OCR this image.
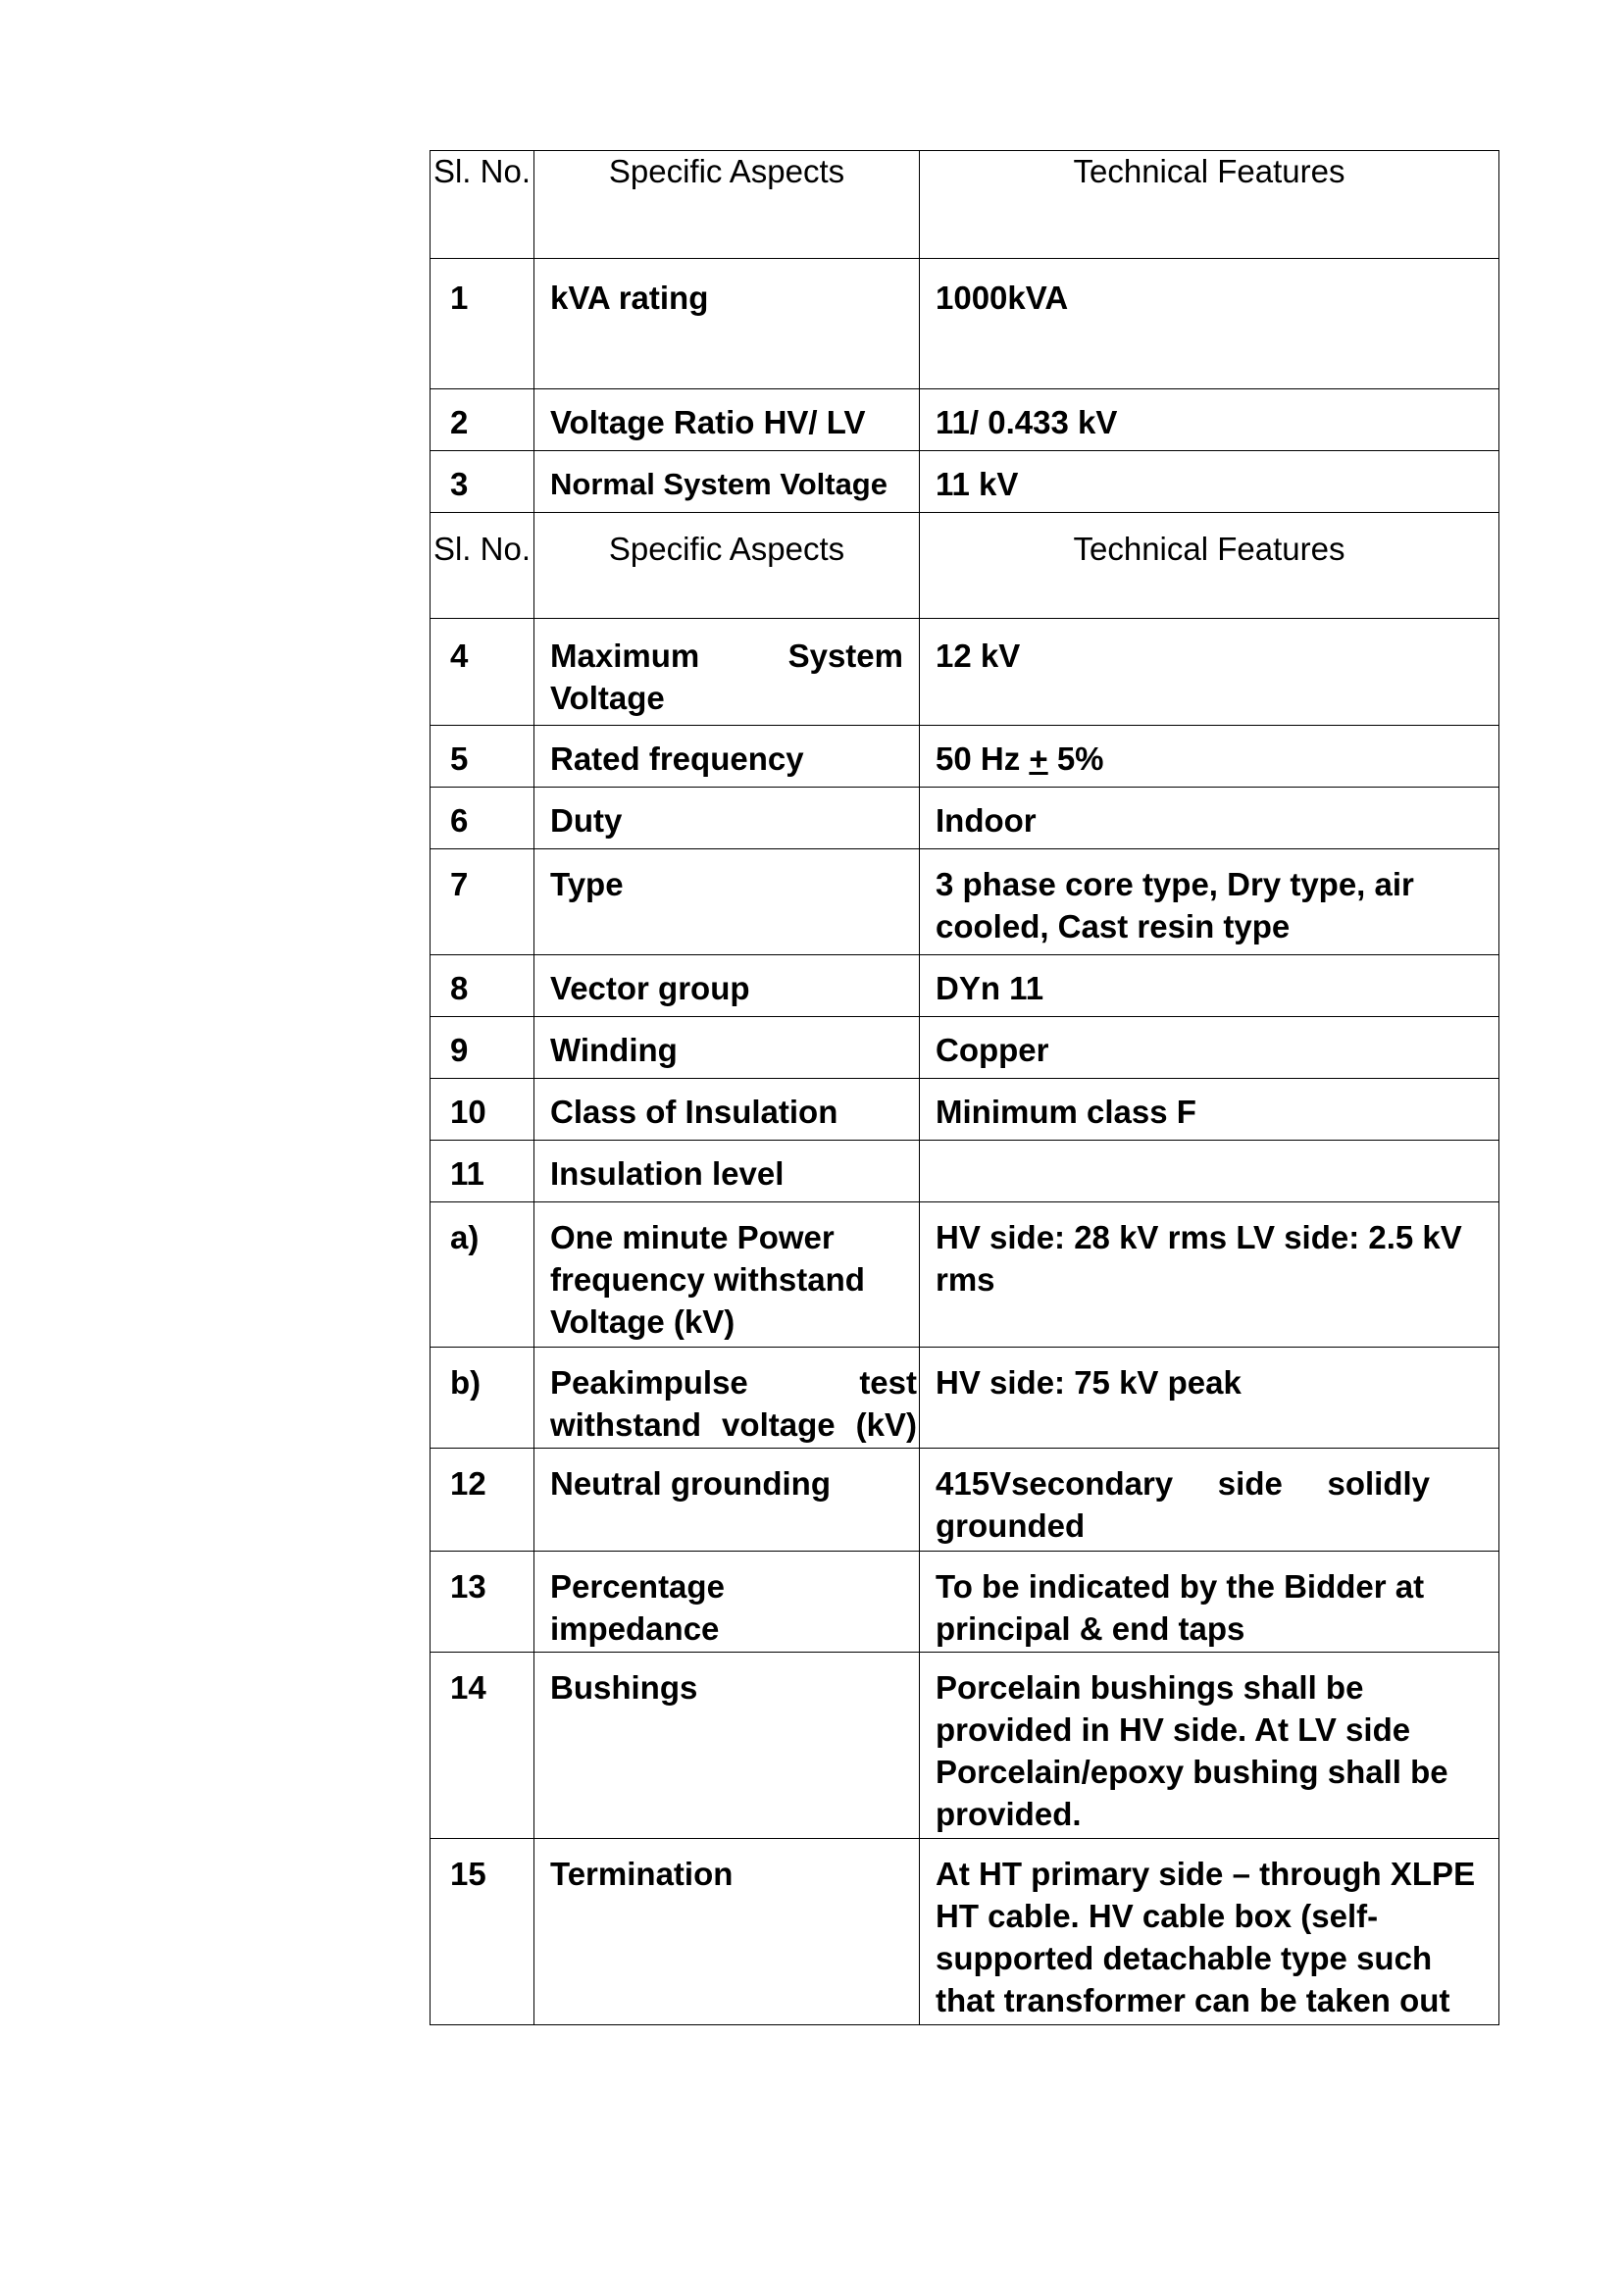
Sl. No.	Specific Aspects	Technical Features

1	kVA rating	1000kVA

2	Voltage Ratio HV/ LV	11/ 0.433 kV

3	Normal System Voltage	11 kV

Sl. No.	Specific Aspects	Technical Features

4	Maximum System Voltage	12 kV

5	Rated frequency	50 Hz + 5%

6	Duty	Indoor

7	Type	3 phase core type, Dry type, air cooled, Cast resin type

8	Vector group	DYn 11

9	Winding	Copper

10	Class of Insulation	Minimum class F

11	Insulation level	

a)	One minute Power frequency withstand Voltage (kV)	HV side: 28 kV rms LV side: 2.5 kV rms

b)	Peakimpulse test withstand voltage (kV)	HV side: 75 kV peak

12	Neutral grounding	415Vsecondary side solidly grounded

13	Percentage impedance	To be indicated by the Bidder at principal & end taps

14	Bushings	Porcelain bushings shall be provided in HV side. At LV side Porcelain/epoxy bushing shall be provided.

15	Termination	At HT primary side – through XLPE HT cable. HV cable box (self-supported detachable type such that transformer can be taken out
